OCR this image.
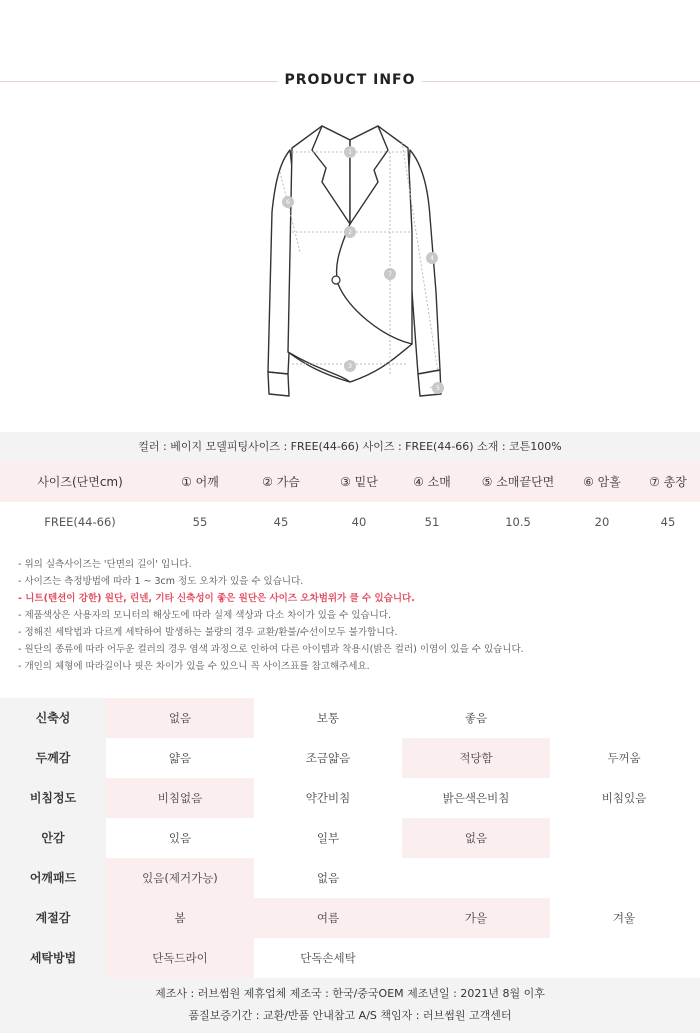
PRODUCT INFO
1
2
3
4
5
6
7
컬러 : 베이지 모델피팅사이즈 : FREE(44-66) 사이즈 : FREE(44-66) 소재 : 코튼100%
사이즈(단면cm)	① 어깨	② 가슴	③ 밑단	④ 소매	⑤ 소매끝단면	⑥ 암홀	⑦ 총장
FREE(44-66)	55	45	40	51	10.5	20	45
- 위의 실측사이즈는 '단면의 길이' 입니다.
- 사이즈는 측정방법에 따라 1 ~ 3cm 정도 오차가 있을 수 있습니다.
- 니트(텐션이 강한) 원단, 린넨, 기타 신축성이 좋은 원단은 사이즈 오차범위가 클 수 있습니다.
- 제품색상은 사용자의 모니터의 해상도에 따라 실제 색상과 다소 차이가 있을 수 있습니다.
- 정해진 세탁법과 다르게 세탁하여 발생하는 불량의 경우 교환/환불/수선이모두 불가합니다.
- 원단의 종류에 따라 어두운 컬러의 경우 염색 과정으로 인하여 다른 아이템과 착용시(밝은 컬러) 이염이 있을 수 있습니다.
- 개인의 체형에 따라길이나 핏은 차이가 있을 수 있으니 꼭 사이즈표를 참고해주세요.
신축성	없음	보통	좋음
두께감	얇음	조금얇음	적당함	두꺼움
비침정도	비침없음	약간비침	밝은색은비침	비침있음
안감	있음	일부	없음
어깨패드	있음(제거가능)	없음
계절감	봄	여름	가을	겨울
세탁방법	단독드라이	단독손세탁
제조사 : 러브썸원 제휴업체 제조국 : 한국/중국OEM 제조년일 : 2021년 8월 이후
품질보증기간 : 교환/반품 안내참고 A/S 책임자 : 러브썸원 고객센터
